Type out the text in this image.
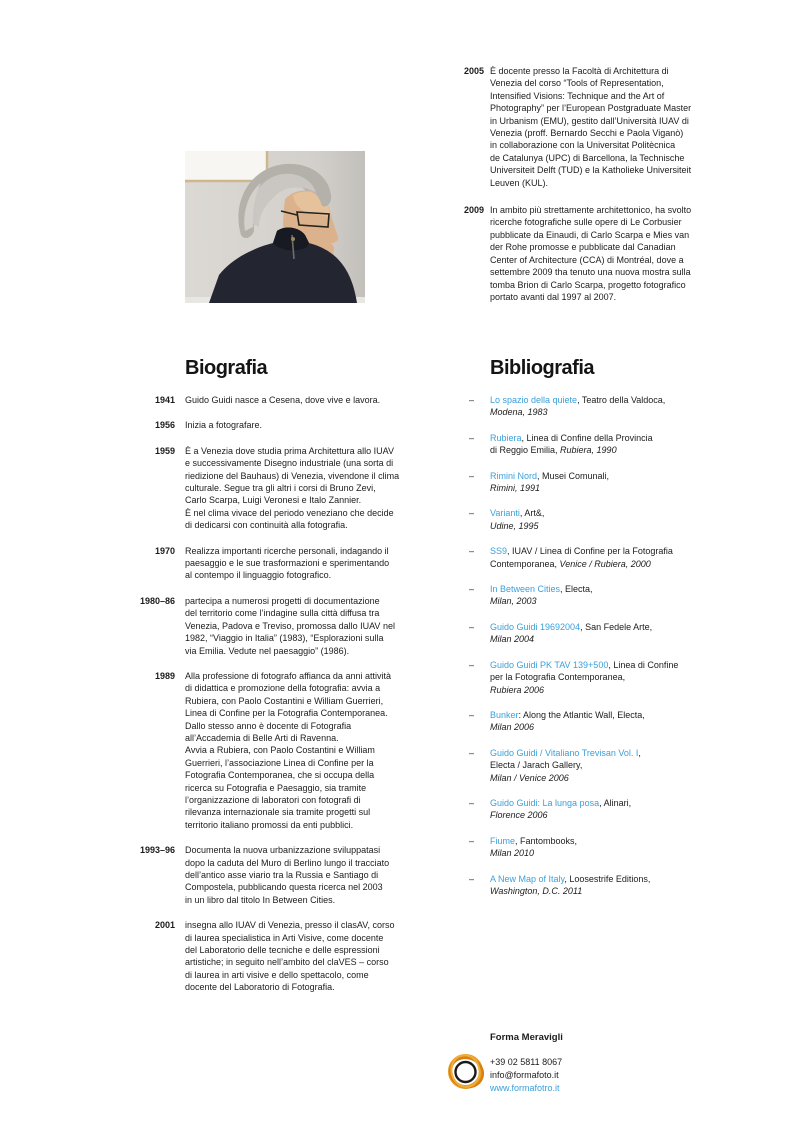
2005 È docente presso la Facoltà di Architettura di
Venezia del corso “Tools of Representation,
Intensified Visions: Technique and the Art of
Photography” per l’European Postgraduate Master
in Urbanism (EMU), gestito dall’Università IUAV di
Venezia (proff. Bernardo Secchi e Paola Viganò)
in collaborazione con la Universitat Politècnica
de Catalunya (UPC) di Barcellona, la Technische
Universiteit Delft (TUD) e la Katholieke Universiteit
Leuven (KUL).
2009 In ambito più strettamente architettonico, ha svolto
ricerche fotografiche sulle opere di Le Corbusier
pubblicate da Einaudi, di Carlo Scarpa e Mies van
der Rohe promosse e pubblicate dal Canadian
Center of Architecture (CCA) di Montréal, dove a
settembre 2009 tha tenuto una nuova mostra sulla
tomba Brion di Carlo Scarpa, progetto fotografico
portato avanti dal 1997 al 2007.
Biografia
1941 Guido Guidi nasce a Cesena, dove vive e lavora.
1956 Inizia a fotografare.
1959 È a Venezia dove studia prima Architettura allo IUAV
e successivamente Disegno industriale (una sorta di
riedizione del Bauhaus) di Venezia, vivendone il clima
culturale. Segue tra gli altri i corsi di Bruno Zevi,
Carlo Scarpa, Luigi Veronesi e Italo Zannier.
È nel clima vivace del periodo veneziano che decide
di dedicarsi con continuità alla fotografia.
1970 Realizza importanti ricerche personali, indagando il
paesaggio e le sue trasformazioni e sperimentando
al contempo il linguaggio fotografico.
1980–86 partecipa a numerosi progetti di documentazione
del territorio come l’indagine sulla città diffusa tra
Venezia, Padova e Treviso, promossa dallo IUAV nel
1982, “Viaggio in Italia” (1983), “Esplorazioni sulla
via Emilia. Vedute nel paesaggio” (1986).
1989 Alla professione di fotografo affianca da anni attività
di didattica e promozione della fotografia: avvia a
Rubiera, con Paolo Costantini e William Guerrieri,
Linea di Confine per la Fotografia Contemporanea.
Dallo stesso anno è docente di Fotografia
all’Accademia di Belle Arti di Ravenna.
Avvia a Rubiera, con Paolo Costantini e William
Guerrieri, l’associazione Linea di Confine per la
Fotografia Contemporanea, che si occupa della
ricerca su Fotografia e Paesaggio, sia tramite
l’organizzazione di laboratori con fotografi di
rilevanza internazionale sia tramite progetti sul
territorio italiano promossi da enti pubblici.
1993–96 Documenta la nuova urbanizzazione sviluppatasi
dopo la caduta del Muro di Berlino lungo il tracciato
dell’antico asse viario tra la Russia e Santiago di
Compostela, pubblicando questa ricerca nel 2003
in un libro dal titolo In Between Cities.
2001 insegna allo IUAV di Venezia, presso il clasAV, corso
di laurea specialistica in Arti Visive, come docente
del Laboratorio delle tecniche e delle espressioni
artistiche; in seguito nell’ambito del claVES – corso
di laurea in arti visive e dello spettacolo, come
docente del Laboratorio di Fotografia.
Bibliografia
– Lo spazio della quiete, Teatro della Valdoca,
Modena, 1983
– Rubiera, Linea di Confine della Provincia
di Reggio Emilia, Rubiera, 1990
– Rimini Nord, Musei Comunali,
Rimini, 1991
– Varianti, Art&,
Udine, 1995
– SS9, IUAV / Linea di Confine per la Fotografia
Contemporanea, Venice / Rubiera, 2000
– In Between Cities, Electa,
Milan, 2003
– Guido Guidi 19692004, San Fedele Arte,
Milan 2004
– Guido Guidi PK TAV 139+500, Linea di Confine
per la Fotografia Contemporanea,
Rubiera 2006
– Bunker: Along the Atlantic Wall, Electa,
Milan 2006
– Guido Guidi / Vitaliano Trevisan Vol. I,
Electa / Jarach Gallery,
Milan / Venice 2006
– Guido Guidi: La lunga posa, Alinari,
Florence 2006
– Fiume, Fantombooks,
Milan 2010
– A New Map of Italy, Loosestrife Editions,
Washington, D.C. 2011
Forma Meravigli
+39 02 5811 8067
info@formafoto.it
www.formafotro.it
